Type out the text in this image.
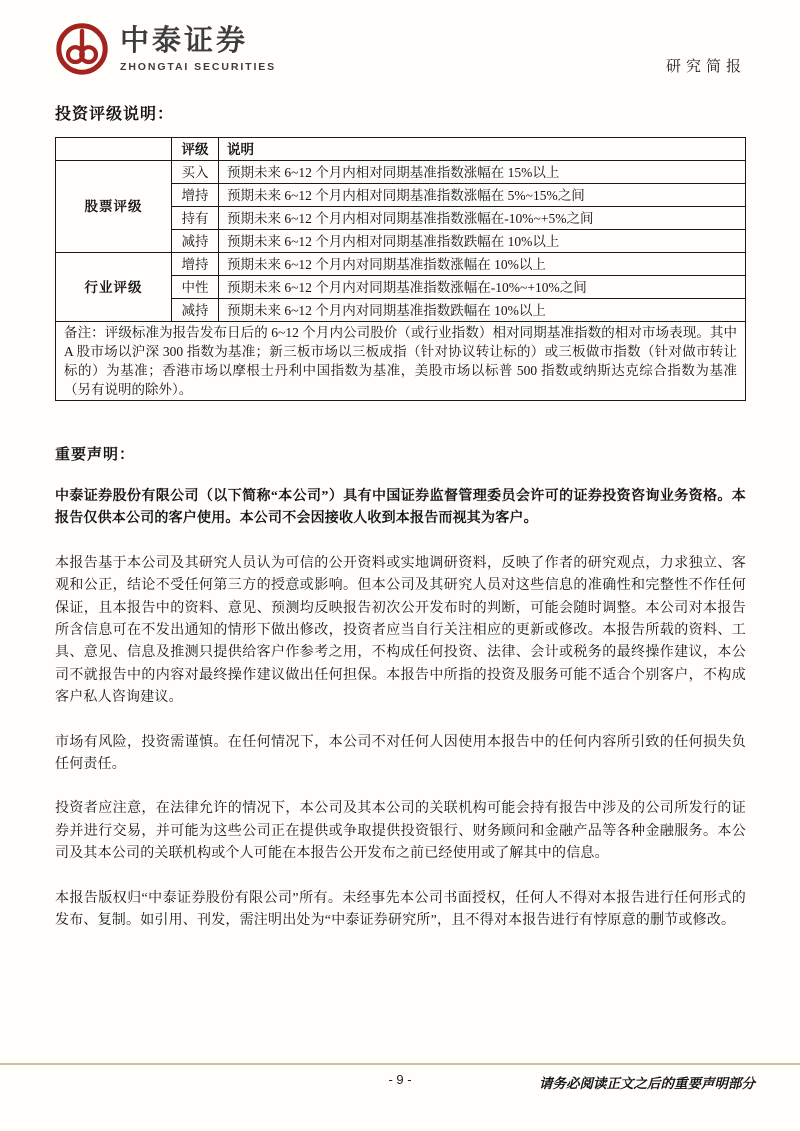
中泰证券
ZHONGTAI SECURITIES	研究简报
投资评级说明：
	评级	说明
股票评级	买入	预期未来 6~12 个月内相对同期基准指数涨幅在 15%以上
	增持	预期未来 6~12 个月内相对同期基准指数涨幅在 5%~15%之间
	持有	预期未来 6~12 个月内相对同期基准指数涨幅在-10%~+5%之间
	减持	预期未来 6~12 个月内相对同期基准指数跌幅在 10%以上
行业评级	增持	预期未来 6~12 个月内对同期基准指数涨幅在 10%以上
	中性	预期未来 6~12 个月内对同期基准指数涨幅在-10%~+10%之间
	减持	预期未来 6~12 个月内对同期基准指数跌幅在 10%以上
备注：评级标准为报告发布日后的 6~12 个月内公司股价（或行业指数）相对同期基准指数的相对市场表现。其中 A 股市场以沪深 300 指数为基准；新三板市场以三板成指（针对协议转让标的）或三板做市指数（针对做市转让标的）为基准；香港市场以摩根士丹利中国指数为基准，美股市场以标普 500 指数或纳斯达克综合指数为基准（另有说明的除外）。		
重要声明：

中泰证券股份有限公司（以下简称“本公司”）具有中国证券监督管理委员会许可的证券投资咨询业务资格。本报告仅供本公司的客户使用。本公司不会因接收人收到本报告而视其为客户。

本报告基于本公司及其研究人员认为可信的公开资料或实地调研资料，反映了作者的研究观点，力求独立、客观和公正，结论不受任何第三方的授意或影响。但本公司及其研究人员对这些信息的准确性和完整性不作任何保证，且本报告中的资料、意见、预测均反映报告初次公开发布时的判断，可能会随时调整。本公司对本报告所含信息可在不发出通知的情形下做出修改，投资者应当自行关注相应的更新或修改。本报告所载的资料、工具、意见、信息及推测只提供给客户作参考之用，不构成任何投资、法律、会计或税务的最终操作建议，本公司不就报告中的内容对最终操作建议做出任何担保。本报告中所指的投资及服务可能不适合个别客户，不构成客户私人咨询建议。

市场有风险，投资需谨慎。在任何情况下，本公司不对任何人因使用本报告中的任何内容所引致的任何损失负任何责任。

投资者应注意，在法律允许的情况下，本公司及其本公司的关联机构可能会持有报告中涉及的公司所发行的证券并进行交易，并可能为这些公司正在提供或争取提供投资银行、财务顾问和金融产品等各种金融服务。本公司及其本公司的关联机构或个人可能在本报告公开发布之前已经使用或了解其中的信息。

本报告版权归“中泰证券股份有限公司”所有。未经事先本公司书面授权，任何人不得对本报告进行任何形式的发布、复制。如引用、刊发，需注明出处为“中泰证券研究所”，且不得对本报告进行有悖原意的删节或修改。

- 9 -	请务必阅读正文之后的重要声明部分
